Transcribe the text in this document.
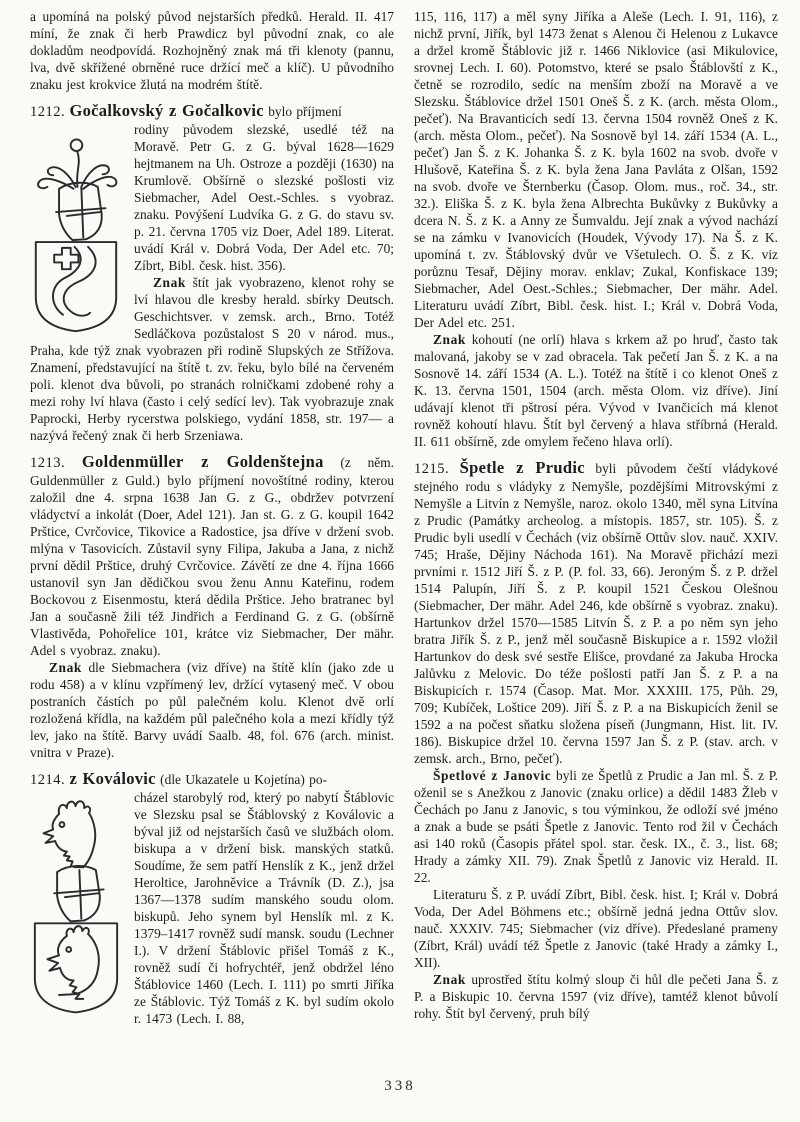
a upomíná na polský původ nejstarších předků. Herald. II. 417 míní, že znak či herb Prawdicz byl původní znak, co ale dokladům neodpovídá. Rozhojněný znak má tři klenoty (pannu, lva, dvě skřížené obrněné ruce držící meč a klíč). U původního znaku jest krokvice žlutá na modrém štítě.

1212. Gočalkovský z Gočalkovic bylo příjmení

rodiny původem slezské, usedlé též na Moravě. Petr G. z G. býval 1628—1629 hejtmanem na Uh. Ostroze a později (1630) na Krumlově. Obšírně o slezské pošlosti viz Siebmacher, Adel Oest.-Schles. s vyobraz. znaku. Povýšení Ludvíka G. z G. do stavu sv. p. 21. června 1705 viz Doer, Adel 189. Literat. uvádí Král v. Dobrá Voda, Der Adel etc. 70; Zíbrt, Bibl. česk. hist. 356).

Znak štít jak vyobrazeno, klenot rohy se lví hlavou dle kresby herald. sbírky Deutsch. Geschichtsver. v zemsk. arch., Brno. Totéž Sedláčkova pozůstalost S 20 v národ. mus., Praha, kde týž znak vyobrazen při rodině Slupských ze Střížova. Znamení, představující na štítě t. zv. řeku, bylo bílé na červeném poli. klenot dva bůvoli, po stranách rolničkami zdobené rohy a mezi rohy lví hlava (často i celý sedící lev). Tak vyobrazuje znak Paprocki, Herby rycerstwa polskiego, vydání 1858, str. 197— a nazývá řečený znak či herb Srzeniawa.

1213. Goldenmüller z Goldenštejna (z něm. Guldenmüller z Guld.) bylo příjmení novoštítné rodiny, kterou založil dne 4. srpna 1638 Jan G. z G., obdržev potvrzení vládyctví a inkolát (Doer, Adel 121). Jan st. G. z G. koupil 1642 Prštice, Cvrčovice, Tikovice a Radostice, jsa dříve v držení svob. mlýna v Tasovicích. Zůstavil syny Filipa, Jakuba a Jana, z nichž první dědil Prštice, druhý Cvrčovice. Závětí ze dne 4. října 1666 ustanovil syn Jan dědičkou svou ženu Annu Kateřinu, rodem Bockovou z Eisenmostu, která dědila Prštice. Jeho bratranec byl Jan a současně žili též Jindřich a Ferdinand G. z G. (obšírně Vlastivěda, Pohořelice 101, krátce viz Siebmacher, Der mähr. Adel s vyobraz. znaku).

Znak dle Siebmachera (viz dříve) na štítě klín (jako zde u rodu 458) a v klínu vzpřímený lev, držící vytasený meč. V obou postraních částích po půl palečném kolu. Klenot dvě orlí rozložená křídla, na každém půl palečného kola a mezi křídly týž lev, jako na štítě. Barvy uvádí Saalb. 48, fol. 676 (arch. minist. vnitra v Praze).

1214. z Koválovic (dle Ukazatele u Kojetína) po-

cházel starobylý rod, který po nabytí Štáblovic ve Slezsku psal se Štáblovský z Koválovic a býval již od nejstarších časů ve službách olom. biskupa a v držení bisk. manských statků. Soudíme, že sem patří Henslík z K., jenž držel Heroltice, Jarohněvice a Trávník (D. Z.), jsa 1367—1378 sudím manského soudu olom. biskupů. Jeho synem byl Henslík ml. z K. 1379–1417 rovněž sudí mansk. soudu (Lechner I.). V držení Štáblovic přišel Tomáš z K., rovněž sudí či hofrychtéř, jenž obdržel léno Štáblovice 1460 (Lech. I. 111) po smrti Jiříka ze Štáblovic. Týž Tomáš z K. byl sudím okolo r. 1473 (Lech. I. 88,

115, 116, 117) a měl syny Jiříka a Aleše (Lech. I. 91, 116), z nichž první, Jiřík, byl 1473 ženat s Alenou či Helenou z Lukavce a držel kromě Štáblovic již r. 1466 Niklovice (asi Mikulovice, srovnej Lech. I. 60). Potomstvo, které se psalo Štáblovští z K., četně se rozrodilo, sedíc na menším zboží na Moravě a ve Slezsku. Štáblovice držel 1501 Oneš Š. z K. (arch. města Olom., pečeť). Na Bravanticích sedí 13. června 1504 rovněž Oneš z K. (arch. města Olom., pečeť). Na Sosnově byl 14. září 1534 (A. L., pečeť) Jan Š. z K. Johanka Š. z K. byla 1602 na svob. dvoře v Hlušově, Kateřina Š. z K. byla žena Jana Pavláta z Olšan, 1592 na svob. dvoře ve Šternberku (Časop. Olom. mus., roč. 34., str. 32.). Eliška Š. z K. byla žena Albrechta Bukůvky z Bukůvky a dcera N. Š. z K. a Anny ze Šumvaldu. Její znak a vývod nachází se na zámku v Ivanovicích (Houdek, Vývody 17). Na Š. z K. upomíná t. zv. Štáblovský dvůr ve Všetulech. O. Š. z K. viz porůznu Tesař, Dějiny morav. enklav; Zukal, Konfiskace 139; Siebmacher, Adel Oest.-Schles.; Siebmacher, Der mähr. Adel. Literaturu uvádí Zíbrt, Bibl. česk. hist. I.; Král v. Dobrá Voda, Der Adel etc. 251.

Znak kohoutí (ne orlí) hlava s krkem až po hruď, často tak malovaná, jakoby se v zad obracela. Tak pečetí Jan Š. z K. a na Sosnově 14. září 1534 (A. L.). Totéž na štítě i co klenot Oneš z K. 13. června 1501, 1504 (arch. města Olom. viz dříve). Jiní udávají klenot tři pštrosí péra. Vývod v Ivančicích má klenot rovněž kohoutí hlavu. Štít byl červený a hlava stříbrná (Herald. II. 611 obšírně, zde omylem řečeno hlava orlí).

1215. Špetle z Prudic byli původem čeští vládykové stejného rodu s vládyky z Nemyšle, pozdějšími Mitrovskými z Nemyšle a Litvín z Nemyšle, naroz. okolo 1340, měl syna Litvína z Prudic (Památky archeolog. a místopis. 1857, str. 105). Š. z Prudic byli usedlí v Čechách (viz obšírně Ottův slov. nauč. XXIV. 745; Hraše, Dějiny Náchoda 161). Na Moravě přichází mezi prvními r. 1512 Jiří Š. z P. (P. fol. 33, 66). Jeroným Š. z P. držel 1514 Palupín, Jiří Š. z P. koupil 1521 Českou Olešnou (Siebmacher, Der mähr. Adel 246, kde obšírně s vyobraz. znaku). Hartunkov držel 1570—1585 Litvín Š. z P. a po něm syn jeho bratra Jiřík Š. z P., jenž měl současně Biskupice a r. 1592 vložil Hartunkov do desk své sestře Elišce, provdané za Jakuba Hrocka Jalůvku z Melovic. Do téže pošlosti patří Jan Š. z P. a na Biskupicích r. 1574 (Časop. Mat. Mor. XXXIII. 175, Půh. 29, 709; Kubíček, Loštice 209). Jiří Š. z P. a na Biskupicích ženil se 1592 a na počest sňatku složena píseň (Jungmann, Hist. lit. IV. 186). Biskupice držel 10. června 1597 Jan Š. z P. (stav. arch. v zemsk. arch., Brno, pečeť).

Špetlové z Janovic byli ze Špetlů z Prudic a Jan ml. Š. z P. oženil se s Anežkou z Janovic (znaku orlice) a dědil 1483 Žleb v Čechách po Janu z Janovic, s tou výminkou, že odloží své jméno a znak a bude se psáti Špetle z Janovic. Tento rod žil v Čechách asi 140 roků (Časopis přátel spol. star. česk. IX., č. 3., list. 68; Hrady a zámky XII. 79). Znak Špetlů z Janovic viz Herald. II. 22.

Literaturu Š. z P. uvádí Zíbrt, Bibl. česk. hist. I; Král v. Dobrá Voda, Der Adel Böhmens etc.; obšírně jedná jedna Ottův slov. nauč. XXXIV. 745; Siebmacher (viz dříve). Předeslané prameny (Zíbrt, Král) uvádí též Špetle z Janovic (také Hrady a zámky I., XII).

Znak uprostřed štítu kolmý sloup či hůl dle pečeti Jana Š. z P. a Biskupic 10. června 1597 (viz dříve), tamtéž klenot bůvolí rohy. Štít byl červený, pruh bílý

338
